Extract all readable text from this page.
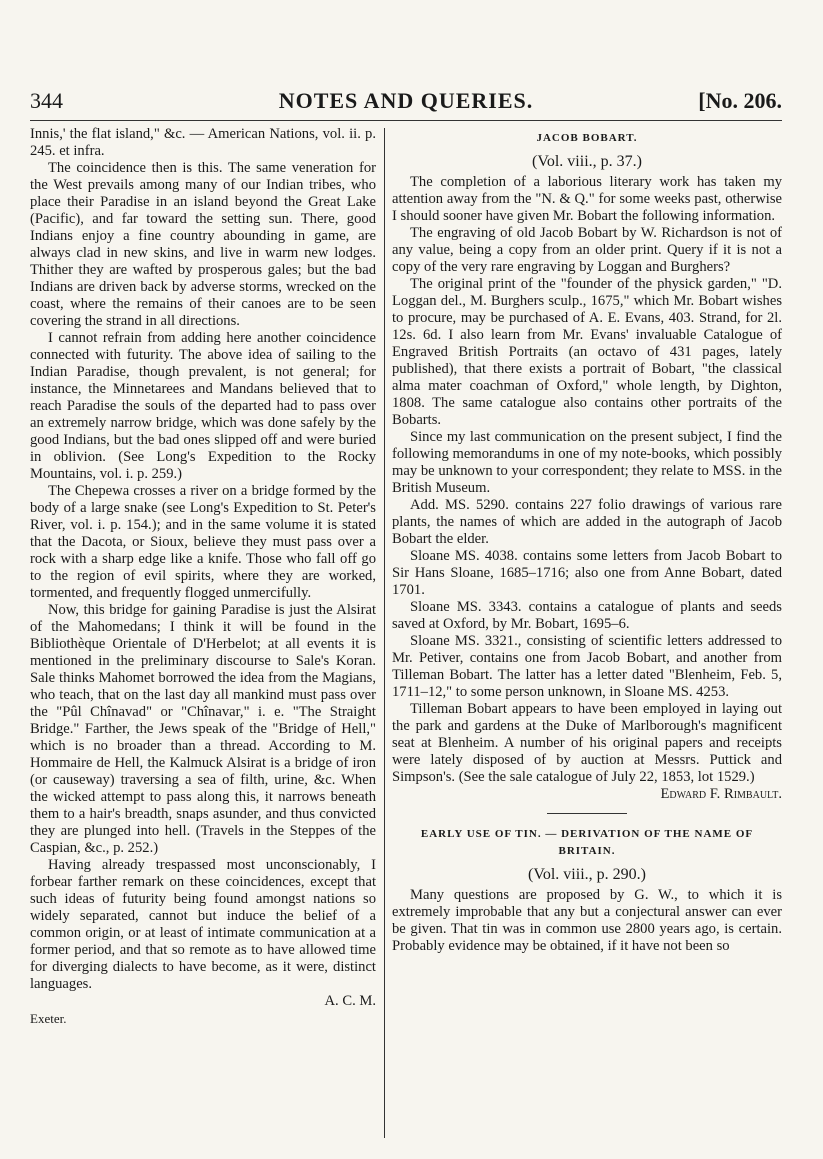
344	NOTES AND QUERIES.	[No. 206.

Innis,' the flat island," &c. — American Nations, vol. ii. p. 245. et infra.

The coincidence then is this. The same veneration for the West prevails among many of our Indian tribes, who place their Paradise in an island beyond the Great Lake (Pacific), and far toward the setting sun. There, good Indians enjoy a fine country abounding in game, are always clad in new skins, and live in warm new lodges. Thither they are wafted by prosperous gales; but the bad Indians are driven back by adverse storms, wrecked on the coast, where the remains of their canoes are to be seen covering the strand in all directions.

I cannot refrain from adding here another coincidence connected with futurity. The above idea of sailing to the Indian Paradise, though prevalent, is not general; for instance, the Minnetarees and Mandans believed that to reach Paradise the souls of the departed had to pass over an extremely narrow bridge, which was done safely by the good Indians, but the bad ones slipped off and were buried in oblivion. (See Long's Expedition to the Rocky Mountains, vol. i. p. 259.)

The Chepewa crosses a river on a bridge formed by the body of a large snake (see Long's Expedition to St. Peter's River, vol. i. p. 154.); and in the same volume it is stated that the Dacota, or Sioux, believe they must pass over a rock with a sharp edge like a knife. Those who fall off go to the region of evil spirits, where they are worked, tormented, and frequently flogged unmercifully.

Now, this bridge for gaining Paradise is just the Alsirat of the Mahomedans; I think it will be found in the Bibliothèque Orientale of D'Herbelot; at all events it is mentioned in the preliminary discourse to Sale's Koran. Sale thinks Mahomet borrowed the idea from the Magians, who teach, that on the last day all mankind must pass over the "Pûl Chînavad" or "Chînavar," i. e. "The Straight Bridge." Farther, the Jews speak of the "Bridge of Hell," which is no broader than a thread. According to M. Hommaire de Hell, the Kalmuck Alsirat is a bridge of iron (or causeway) traversing a sea of filth, urine, &c. When the wicked attempt to pass along this, it narrows beneath them to a hair's breadth, snaps asunder, and thus convicted they are plunged into hell. (Travels in the Steppes of the Caspian, &c., p. 252.)

Having already trespassed most unconscionably, I forbear farther remark on these coincidences, except that such ideas of futurity being found amongst nations so widely separated, cannot but induce the belief of a common origin, or at least of intimate communication at a former period, and that so remote as to have allowed time for diverging dialects to have become, as it were, distinct languages.

A. C. M.

Exeter.

JACOB BOBART.
(Vol. viii., p. 37.)

The completion of a laborious literary work has taken my attention away from the "N. & Q." for some weeks past, otherwise I should sooner have given Mr. Bobart the following information.

The engraving of old Jacob Bobart by W. Richardson is not of any value, being a copy from an older print. Query if it is not a copy of the very rare engraving by Loggan and Burghers?

The original print of the "founder of the physick garden," "D. Loggan del., M. Burghers sculp., 1675," which Mr. Bobart wishes to procure, may be purchased of A. E. Evans, 403. Strand, for 2l. 12s. 6d. I also learn from Mr. Evans' invaluable Catalogue of Engraved British Portraits (an octavo of 431 pages, lately published), that there exists a portrait of Bobart, "the classical alma mater coachman of Oxford," whole length, by Dighton, 1808. The same catalogue also contains other portraits of the Bobarts.

Since my last communication on the present subject, I find the following memorandums in one of my note-books, which possibly may be unknown to your correspondent; they relate to MSS. in the British Museum.

Add. MS. 5290. contains 227 folio drawings of various rare plants, the names of which are added in the autograph of Jacob Bobart the elder.

Sloane MS. 4038. contains some letters from Jacob Bobart to Sir Hans Sloane, 1685–1716; also one from Anne Bobart, dated 1701.

Sloane MS. 3343. contains a catalogue of plants and seeds saved at Oxford, by Mr. Bobart, 1695–6.

Sloane MS. 3321., consisting of scientific letters addressed to Mr. Petiver, contains one from Jacob Bobart, and another from Tilleman Bobart. The latter has a letter dated "Blenheim, Feb. 5, 1711–12," to some person unknown, in Sloane MS. 4253.

Tilleman Bobart appears to have been employed in laying out the park and gardens at the Duke of Marlborough's magnificent seat at Blenheim. A number of his original papers and receipts were lately disposed of by auction at Messrs. Puttick and Simpson's. (See the sale catalogue of July 22, 1853, lot 1529.)

Edward F. Rimbault.

EARLY USE OF TIN. — DERIVATION OF THE NAME OF BRITAIN.
(Vol. viii., p. 290.)

Many questions are proposed by G. W., to which it is extremely improbable that any but a conjectural answer can ever be given. That tin was in common use 2800 years ago, is certain. Probably evidence may be obtained, if it have not been so
